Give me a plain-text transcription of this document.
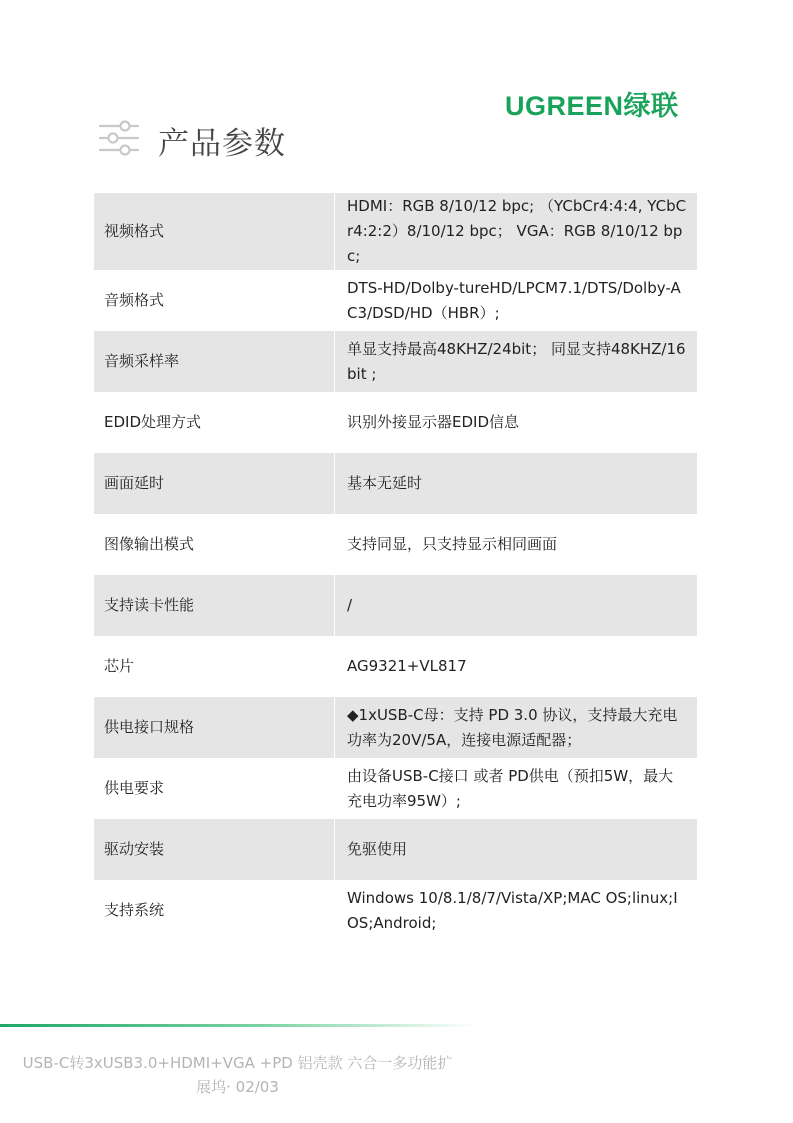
UGREEN绿联
产品参数
视频格式	HDMI：RGB 8/10/12 bpc; （YCbCr4:4:4, YCbCr4:2:2）8/10/12 bpc； VGA：RGB 8/10/12 bpc;
音频格式	DTS-HD/Dolby-tureHD/LPCM7.1/DTS/Dolby-AC3/DSD/HD（HBR）;
音频采样率	单显支持最高48KHZ/24bit； 同显支持48KHZ/16bit ;
EDID处理方式	识别外接显示器EDID信息
画面延时	基本无延时
图像输出模式	支持同显，只支持显示相同画面
支持读卡性能	/
芯片	AG9321+VL817
供电接口规格	◆1xUSB-C母：支持 PD 3.0 协议，支持最大充电功率为20V/5A，连接电源适配器；
供电要求	由设备USB-C接口 或者 PD供电（预扣5W，最大充电功率95W）;
驱动安装	免驱使用
支持系统	Windows 10/8.1/8/7/Vista/XP;MAC OS;linux;IOS;Android;
USB-C转3xUSB3.0+HDMI+VGA +PD 铝壳款 六合一多功能扩
展坞· 02/03
